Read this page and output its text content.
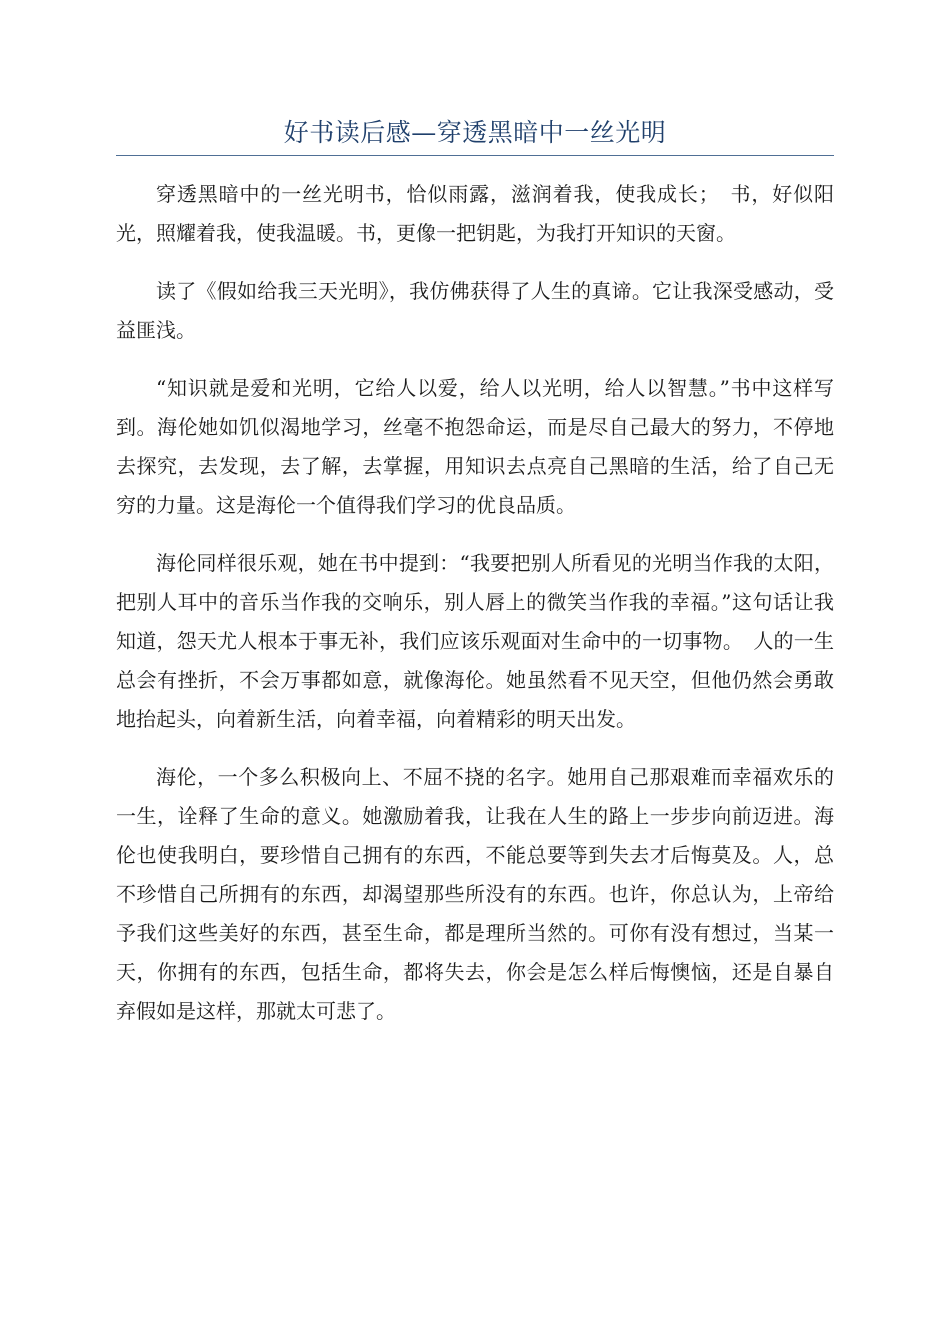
好书读后感—穿透黑暗中一丝光明

穿透黑暗中的一丝光明书，恰似雨露，滋润着我，使我成长；　书，好似阳光，照耀着我，使我温暖。书，更像一把钥匙，为我打开知识的天窗。

读了《假如给我三天光明》，我仿佛获得了人生的真谛。它让我深受感动，受益匪浅。

“知识就是爱和光明，它给人以爱，给人以光明，给人以智慧。”书中这样写到。海伦她如饥似渴地学习，丝毫不抱怨命运，而是尽自己最大的努力，不停地去探究，去发现，去了解，去掌握，用知识去点亮自己黑暗的生活，给了自己无穷的力量。这是海伦一个值得我们学习的优良品质。

海伦同样很乐观，她在书中提到：“我要把别人所看见的光明当作我的太阳，把别人耳中的音乐当作我的交响乐，别人唇上的微笑当作我的幸福。”这句话让我知道，怨天尤人根本于事无补，我们应该乐观面对生命中的一切事物。　人的一生总会有挫折，不会万事都如意，就像海伦。她虽然看不见天空，但他仍然会勇敢地抬起头，向着新生活，向着幸福，向着精彩的明天出发。

海伦，一个多么积极向上、不屈不挠的名字。她用自己那艰难而幸福欢乐的一生，诠释了生命的意义。她激励着我，让我在人生的路上一步步向前迈进。海伦也使我明白，要珍惜自己拥有的东西，不能总要等到失去才后悔莫及。人，总不珍惜自己所拥有的东西，却渴望那些所没有的东西。也许，你总认为，上帝给予我们这些美好的东西，甚至生命，都是理所当然的。可你有没有想过，当某一天，你拥有的东西，包括生命，都将失去，你会是怎么样后悔懊恼，还是自暴自弃假如是这样，那就太可悲了。
